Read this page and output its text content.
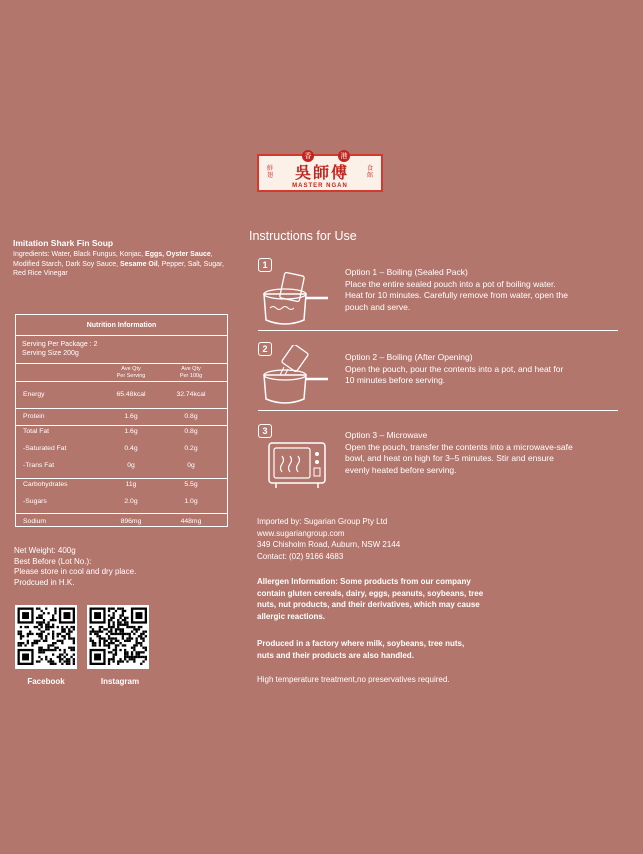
香	港
鮮 翅	吳師傅	食 館
MASTER NGAN
Imitation Shark Fin Soup
Ingredients: Water, Black Fungus, Konjac, Eggs, Oyster Sauce, Modified Starch, Dark Soy Sauce, Sesame Oil, Pepper, Salt, Sugar, Red Rice Vinegar
Nutrition Information
Serving Per Package : 2
Serving Size 200g
Ave Qty
Per Serving
Ave Qty
Per 100g
Energy	65.48kcal	32.74kcal
Protein	1.6g	0.8g
Total Fat	1.6g	0.8g
-Saturated Fat	0.4g	0.2g
-Trans Fat	0g	0g
Carbohydrates	11g	5.5g
-Sugars	2.0g	1.0g
Sodium	896mg	448mg
Net Weight: 400g
Best Before (Lot No.):
Please store in cool and dry place.
Prodcued in H.K.
Facebook	Instagram
Instructions for Use
1
Option 1 – Boiling (Sealed Pack)
Place the entire sealed pouch into a pot of boiling water.
Heat for 10 minutes. Carefully remove from water, open the
pouch and serve.
2
Option 2 – Boiling (After Opening)
Open the pouch, pour the contents into a pot, and heat for
10 minutes before serving.
3	Option 3 – Microwave
Open the pouch, transfer the contents into a microwave-safe
bowl, and heat on high for 3–5 minutes. Stir and ensure
evenly heated before serving.
Imported by: Sugarian Group Pty Ltd
www.sugariangroup.com
349 Chisholm Road, Auburn, NSW 2144
Contact: (02) 9166 4683
Allergen Information: Some products from our company
contain gluten cereals, dairy, eggs, peanuts, soybeans, tree
nuts, nut products, and their derivatives, which may cause
allergic reactions.
Produced in a factory where milk, soybeans, tree nuts,
nuts and their products are also handled.
High temperature treatment,no preservatives required.
